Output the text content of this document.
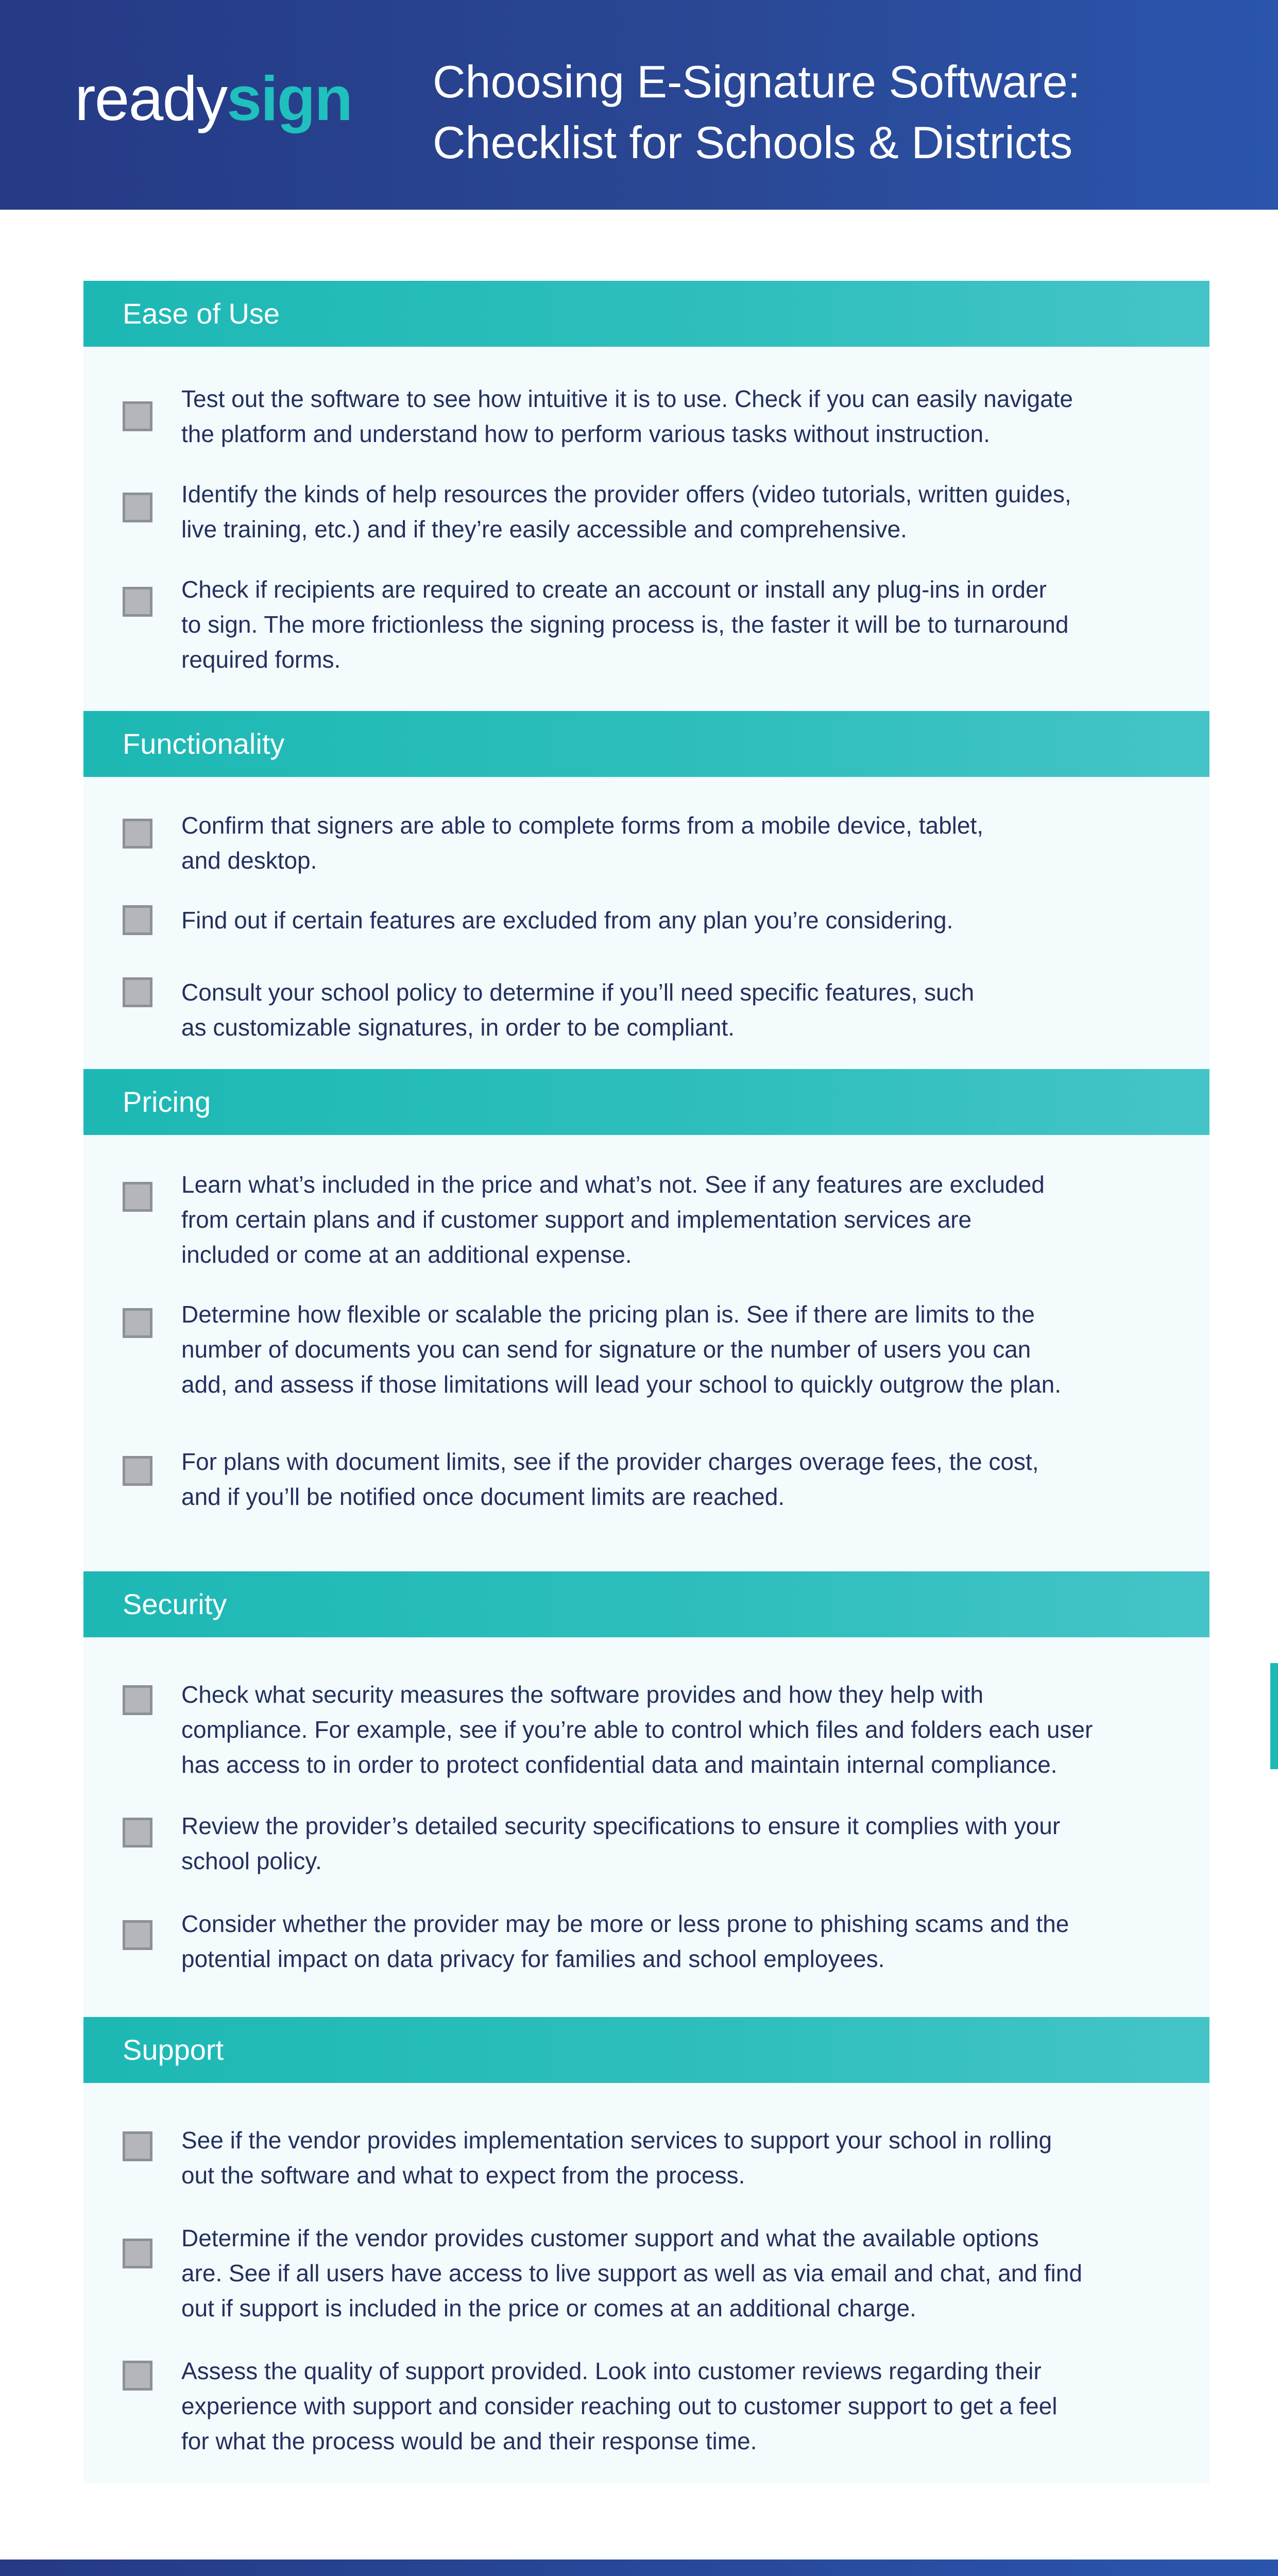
readysign Choosing E-Signature Software:
Checklist for Schools & Districts
Ease of Use
Test out the software to see how intuitive it is to use. Check if you can easily navigate
the platform and understand how to perform various tasks without instruction.
Identify the kinds of help resources the provider offers (video tutorials, written guides,
live training, etc.) and if they’re easily accessible and comprehensive.
Check if recipients are required to create an account or install any plug-ins in order
to sign. The more frictionless the signing process is, the faster it will be to turnaround
required forms.
Functionality
Confirm that signers are able to complete forms from a mobile device, tablet,
and desktop.
Find out if certain features are excluded from any plan you’re considering.
Consult your school policy to determine if you’ll need specific features, such
as customizable signatures, in order to be compliant.
Pricing
Learn what’s included in the price and what’s not. See if any features are excluded
from certain plans and if customer support and implementation services are
included or come at an additional expense.
Determine how flexible or scalable the pricing plan is. See if there are limits to the
number of documents you can send for signature or the number of users you can
add, and assess if those limitations will lead your school to quickly outgrow the plan.
For plans with document limits, see if the provider charges overage fees, the cost,
and if you’ll be notified once document limits are reached.
Security
Check what security measures the software provides and how they help with
compliance. For example, see if you’re able to control which files and folders each user
has access to in order to protect confidential data and maintain internal compliance.
Review the provider’s detailed security specifications to ensure it complies with your
school policy.
Consider whether the provider may be more or less prone to phishing scams and the
potential impact on data privacy for families and school employees.
Support
See if the vendor provides implementation services to support your school in rolling
out the software and what to expect from the process.
Determine if the vendor provides customer support and what the available options
are. See if all users have access to live support as well as via email and chat, and find
out if support is included in the price or comes at an additional charge.
Assess the quality of support provided. Look into customer reviews regarding their
experience with support and consider reaching out to customer support to get a feel
for what the process would be and their response time.
